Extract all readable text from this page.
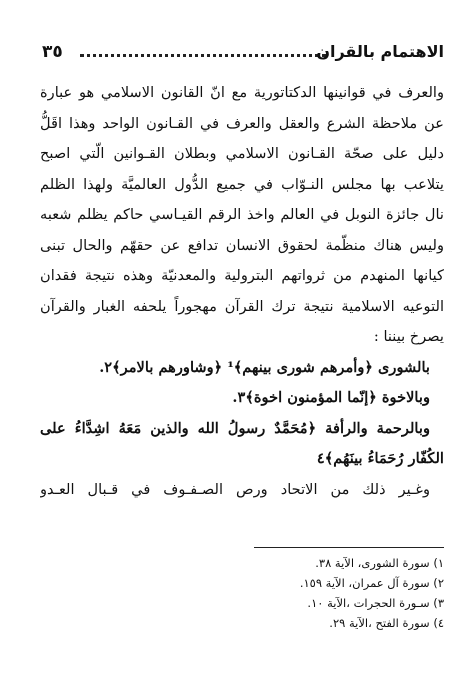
٣٥	الاهتمام بالقران
والعرف في قوانينها الدكتاتورية مع انّ القانون الاسلامي هو عبارة
عن ملاحظة الشرع والعقل والعرف في القـانون الواحد وهذا اقَلُّ
دليل على صحّة القـانون الاسلامي وبطلان القـوانين الّتي اصبح
يتلاعب بها مجلس النـوّاب في جميع الدُّول العالميَّة ولهذا الظلم
نال جائزة النوبل في العالم واخذ الرقم القيـاسي حاكم يظلم شعبه
وليس هناك منظّمة لحقوق الانسان تدافع عن حقهّم والحال تبنى
كيانها المنهدم من ثرواتهم البترولية والمعدنيّة وهذه نتيجة فقدان
التوعيه الاسلامية نتيجة ترك القرآن مهجوراً يلحفه الغبار والقرآن
يصرخ بيننا :
بالشورى ﴿وأمرهم شورى بينهم﴾¹ ﴿وشاورهم بالامر﴾٢.
وبالاخوة ﴿إنّما المؤمنون اخوة﴾٣.
وبالرحمة والرأفة ﴿مُحَمَّدٌ رسولُ الله والذين مَعَهُ اشِدَّاءُ على
الكُفّار رُحَمَاءُ بينَهُم﴾٤
وغـير ذلك من الاتحاد ورص الصـفـوف في قـبال العـدو
١) سورة الشورى، الآية ٣٨.
٢) سورة آل عمران، الآية ١٥٩.
٣) سـورة الحجرات ،الآية ١٠.
٤) سورة الفتح ،الآية ٢٩.
